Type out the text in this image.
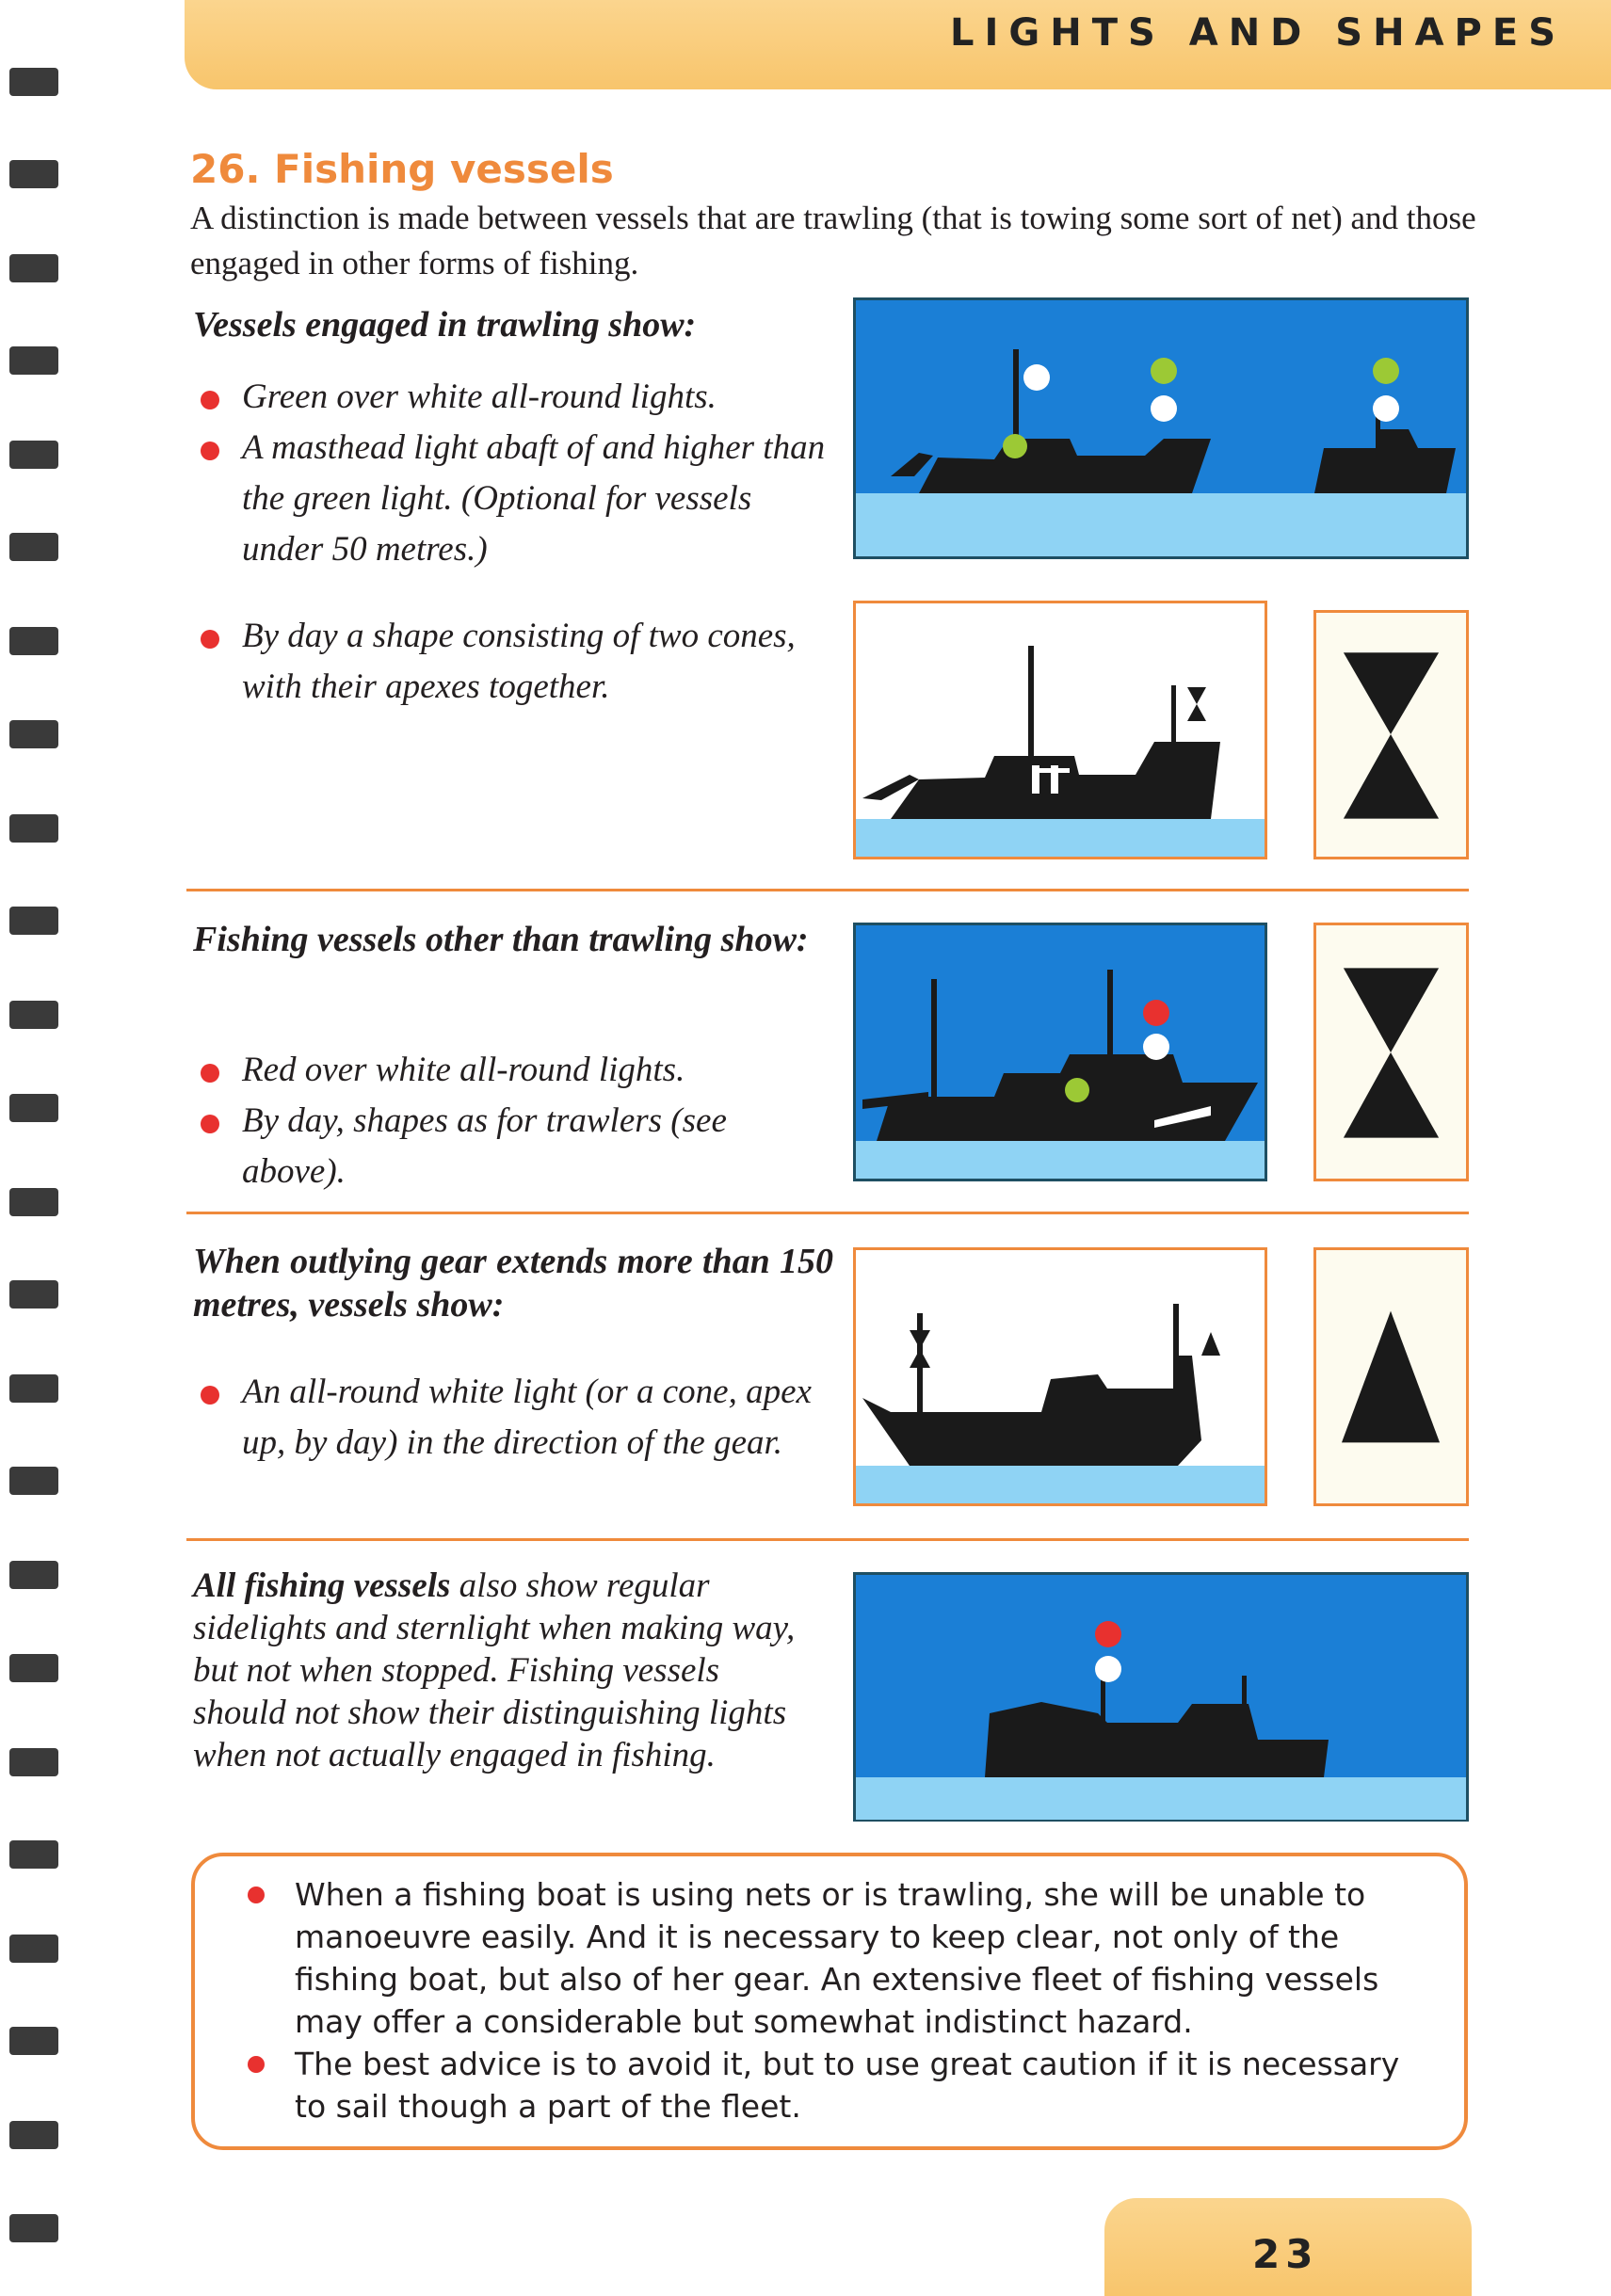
LIGHTS AND SHAPES
26. Fishing vessels

A distinction is made between vessels that are trawling (that is towing some sort of net) and those engaged in other forms of fishing.

Vessels engaged in trawling show:
Green over white all-round lights.
A masthead light abaft of and higher than the green light. (Optional for vessels under 50 metres.)
By day a shape consisting of two cones, with their apexes together.
Fishing vessels other than trawling show:
Red over white all-round lights.
By day, shapes as for trawlers (see above).
When outlying gear extends more than 150 metres, vessels show:
An all-round white light (or a cone, apex up, by day) in the direction of the gear.

All fishing vessels also show regular sidelights and sternlight when making way, but not when stopped. Fishing vessels should not show their distinguishing lights when not actually engaged in fishing.

When a fishing boat is using nets or is trawling, she will be unable to manoeuvre easily. And it is necessary to keep clear, not only of the fishing boat, but also of her gear. An extensive fleet of fishing vessels may offer a considerable but somewhat indistinct hazard.
The best advice is to avoid it, but to use great caution if it is necessary to sail though a part of the fleet.
23
